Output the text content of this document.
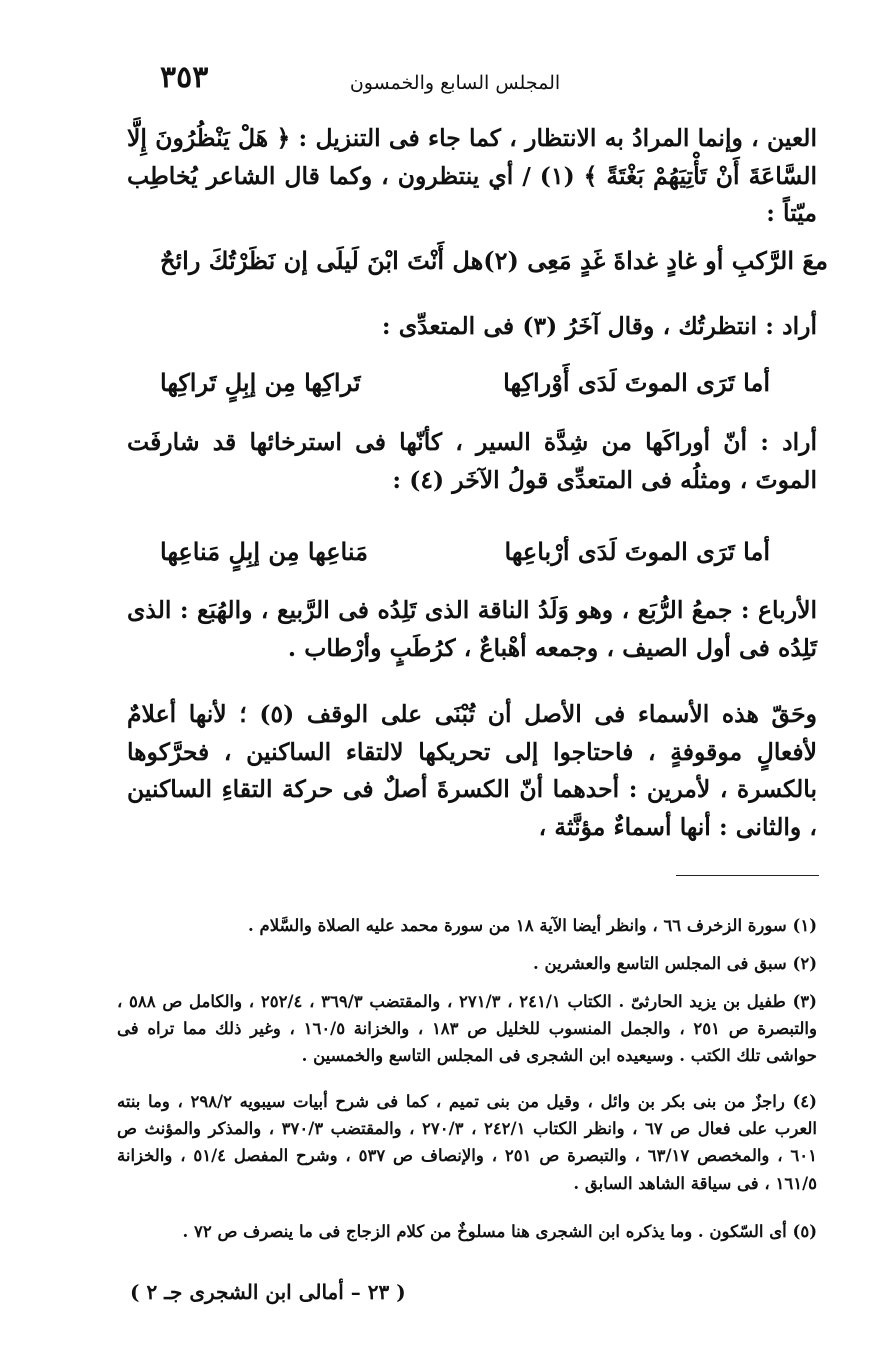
٣٥٣	المجلس السابع والخمسون

العين ، وإنما المرادُ به الانتظار ، كما جاء فى التنزيل : ﴿ هَلْ يَنْظُرُونَ إِلَّا السَّاعَةَ أَنْ تَأْتِيَهُمْ بَغْتَةً ﴾ (١) / أي ينتظرون ، وكما قال الشاعر يُخاطِب ميّتاً :

هل أَنْتَ ابْنَ لَيلَى إن نَظَرْتُكَ رائحٌ معَ الرَّكبِ أو غادٍ غداةَ غَدٍ مَعِى (٢)
أراد : انتظرتُك ، وقال آخَرُ (٣) فى المتعدِّى :
تَراكِها مِن إبِلٍ تَراكِها	أما تَرَى الموتَ لَدَى أَوْراكِها

أراد : أنّ أوراكَها من شِدَّة السير ، كأنّها فى استرخائها قد شارفَت الموتَ ، ومثلُه فى المتعدِّى قولُ الآخَر (٤) :

مَناعِها مِن إبِلٍ مَناعِها	أما تَرَى الموتَ لَدَى أرْباعِها

الأرباع : جمعُ الرُّبَع ، وهو وَلَدُ الناقة الذى تَلِدُه فى الرَّبيع ، والهُبَع : الذى تَلِدُه فى أول الصيف ، وجمعه أهْباعٌ ، كرُطَبٍ وأرْطاب .

وحَقّ هذه الأسماء فى الأصل أن تُبْنَى على الوقف (٥) ؛ لأنها أعلامٌ لأفعالٍ موقوفةٍ ، فاحتاجوا إلى تحريكها لالتقاء الساكنين ، فحرَّكوها بالكسرة ، لأمرين : أحدهما أنّ الكسرةَ أصلٌ فى حركة التقاءِ الساكنين ، والثانى : أنها أسماءٌ مؤنَّثة ،

(١) سورة الزخرف ٦٦ ، وانظر أيضا الآية ١٨ من سورة محمد عليه الصلاة والسَّلام .

(٢) سبق فى المجلس التاسع والعشرين .

(٣) طفيل بن يزيد الحارثىّ . الكتاب ٢٤١/١ ، ٢٧١/٣ ، والمقتضب ٣٦٩/٣ ، ٢٥٢/٤ ، والكامل ص ٥٨٨ ، والتبصرة ص ٢٥١ ، والجمل المنسوب للخليل ص ١٨٣ ، والخزانة ١٦٠/٥ ، وغير ذلك مما تراه فى حواشى تلك الكتب . وسيعيده ابن الشجرى فى المجلس التاسع والخمسين .

(٤) راجزٌ من بنى بكر بن وائل ، وقيل من بنى تميم ، كما فى شرح أبيات سيبويه ٢٩٨/٢ ، وما بنته العرب على فعال ص ٦٧ ، وانظر الكتاب ٢٤٢/١ ، ٢٧٠/٣ ، والمقتضب ٣٧٠/٣ ، والمذكر والمؤنث ص ٦٠١ ، والمخصص ٦٣/١٧ ، والتبصرة ص ٢٥١ ، والإنصاف ص ٥٣٧ ، وشرح المفصل ٥١/٤ ، والخزانة ١٦١/٥ ، فى سياقة الشاهد السابق .

(٥) أى السّكون . وما يذكره ابن الشجرى هنا مسلوخٌ من كلام الزجاج فى ما ينصرف ص ٧٢ .

( ٢٣ – أمالى ابن الشجرى جـ ٢ )
